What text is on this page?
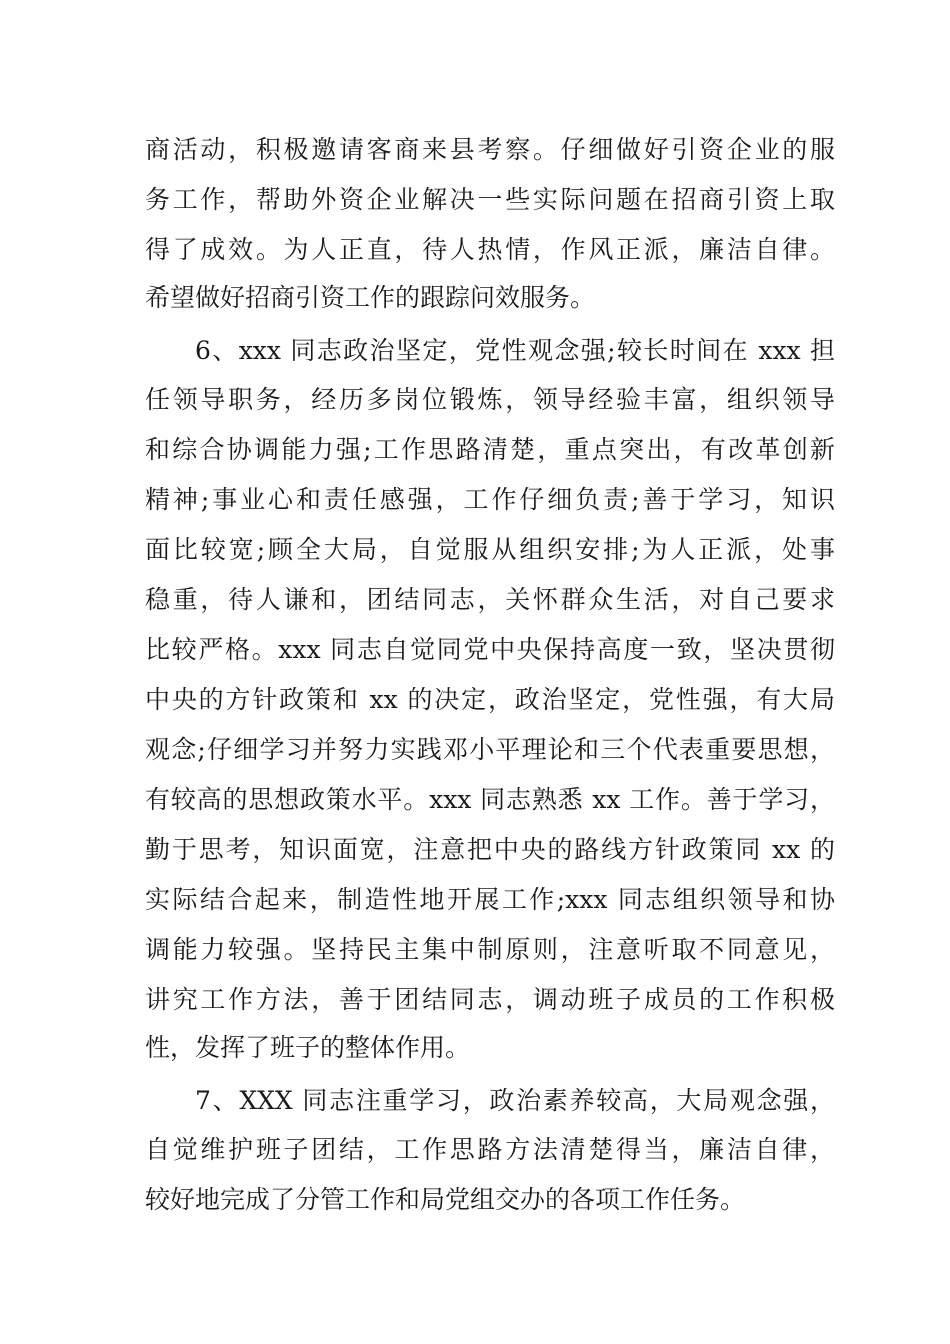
商活动，积极邀请客商来县考察。仔细做好引资企业的服
务工作，帮助外资企业解决一些实际问题在招商引资上取
得了成效。为人正直，待人热情，作风正派，廉洁自律。
希望做好招商引资工作的跟踪问效服务。
6、xxx 同志政治坚定，党性观念强;较长时间在 xxx 担
任领导职务，经历多岗位锻炼，领导经验丰富，组织领导
和综合协调能力强;工作思路清楚，重点突出，有改革创新
精神;事业心和责任感强，工作仔细负责;善于学习，知识
面比较宽;顾全大局，自觉服从组织安排;为人正派，处事
稳重，待人谦和，团结同志，关怀群众生活，对自己要求
比较严格。xxx 同志自觉同党中央保持高度一致，坚决贯彻
中央的方针政策和 xx 的决定，政治坚定，党性强，有大局
观念;仔细学习并努力实践邓小平理论和三个代表重要思想，
有较高的思想政策水平。xxx 同志熟悉 xx 工作。善于学习，
勤于思考，知识面宽，注意把中央的路线方针政策同 xx 的
实际结合起来，制造性地开展工作;xxx 同志组织领导和协
调能力较强。坚持民主集中制原则，注意听取不同意见，
讲究工作方法，善于团结同志，调动班子成员的工作积极
性，发挥了班子的整体作用。
7、XXX 同志注重学习，政治素养较高，大局观念强，
自觉维护班子团结，工作思路方法清楚得当，廉洁自律，
较好地完成了分管工作和局党组交办的各项工作任务。
